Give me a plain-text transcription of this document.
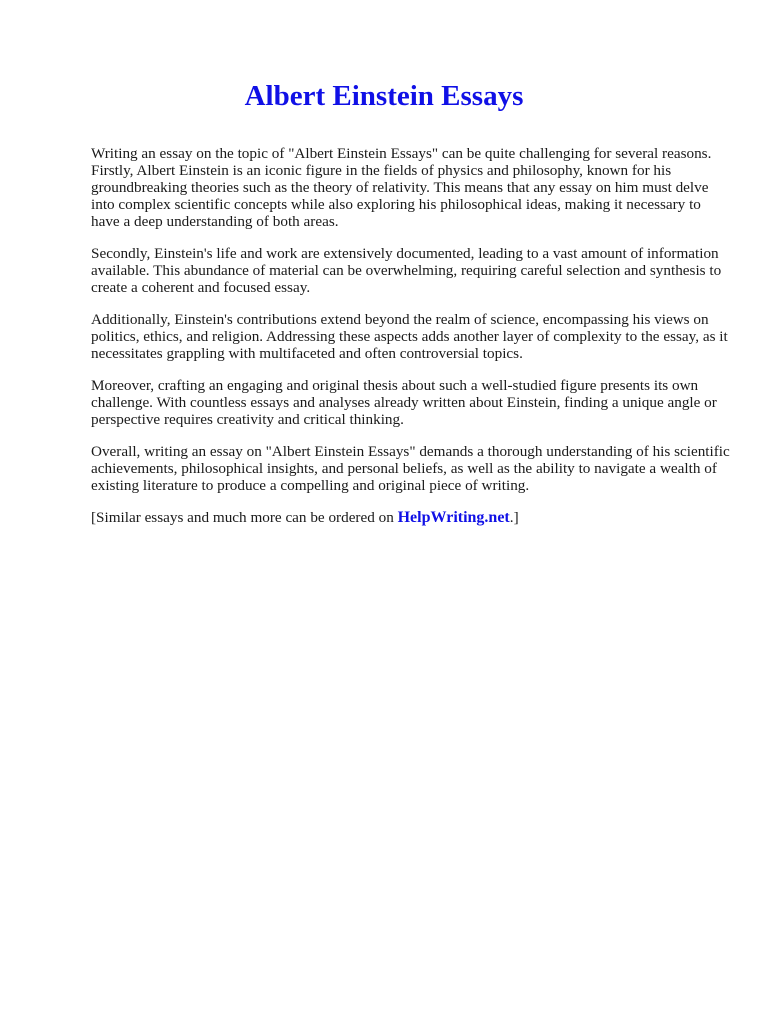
Albert Einstein Essays

Writing an essay on the topic of "Albert Einstein Essays" can be quite challenging for several reasons. Firstly, Albert Einstein is an iconic figure in the fields of physics and philosophy, known for his groundbreaking theories such as the theory of relativity. This means that any essay on him must delve into complex scientific concepts while also exploring his philosophical ideas, making it necessary to have a deep understanding of both areas.

Secondly, Einstein's life and work are extensively documented, leading to a vast amount of information available. This abundance of material can be overwhelming, requiring careful selection and synthesis to create a coherent and focused essay.

Additionally, Einstein's contributions extend beyond the realm of science, encompassing his views on politics, ethics, and religion. Addressing these aspects adds another layer of complexity to the essay, as it necessitates grappling with multifaceted and often controversial topics.

Moreover, crafting an engaging and original thesis about such a well-studied figure presents its own challenge. With countless essays and analyses already written about Einstein, finding a unique angle or perspective requires creativity and critical thinking.

Overall, writing an essay on "Albert Einstein Essays" demands a thorough understanding of his scientific achievements, philosophical insights, and personal beliefs, as well as the ability to navigate a wealth of existing literature to produce a compelling and original piece of writing.

[Similar essays and much more can be ordered on HelpWriting.net.]
